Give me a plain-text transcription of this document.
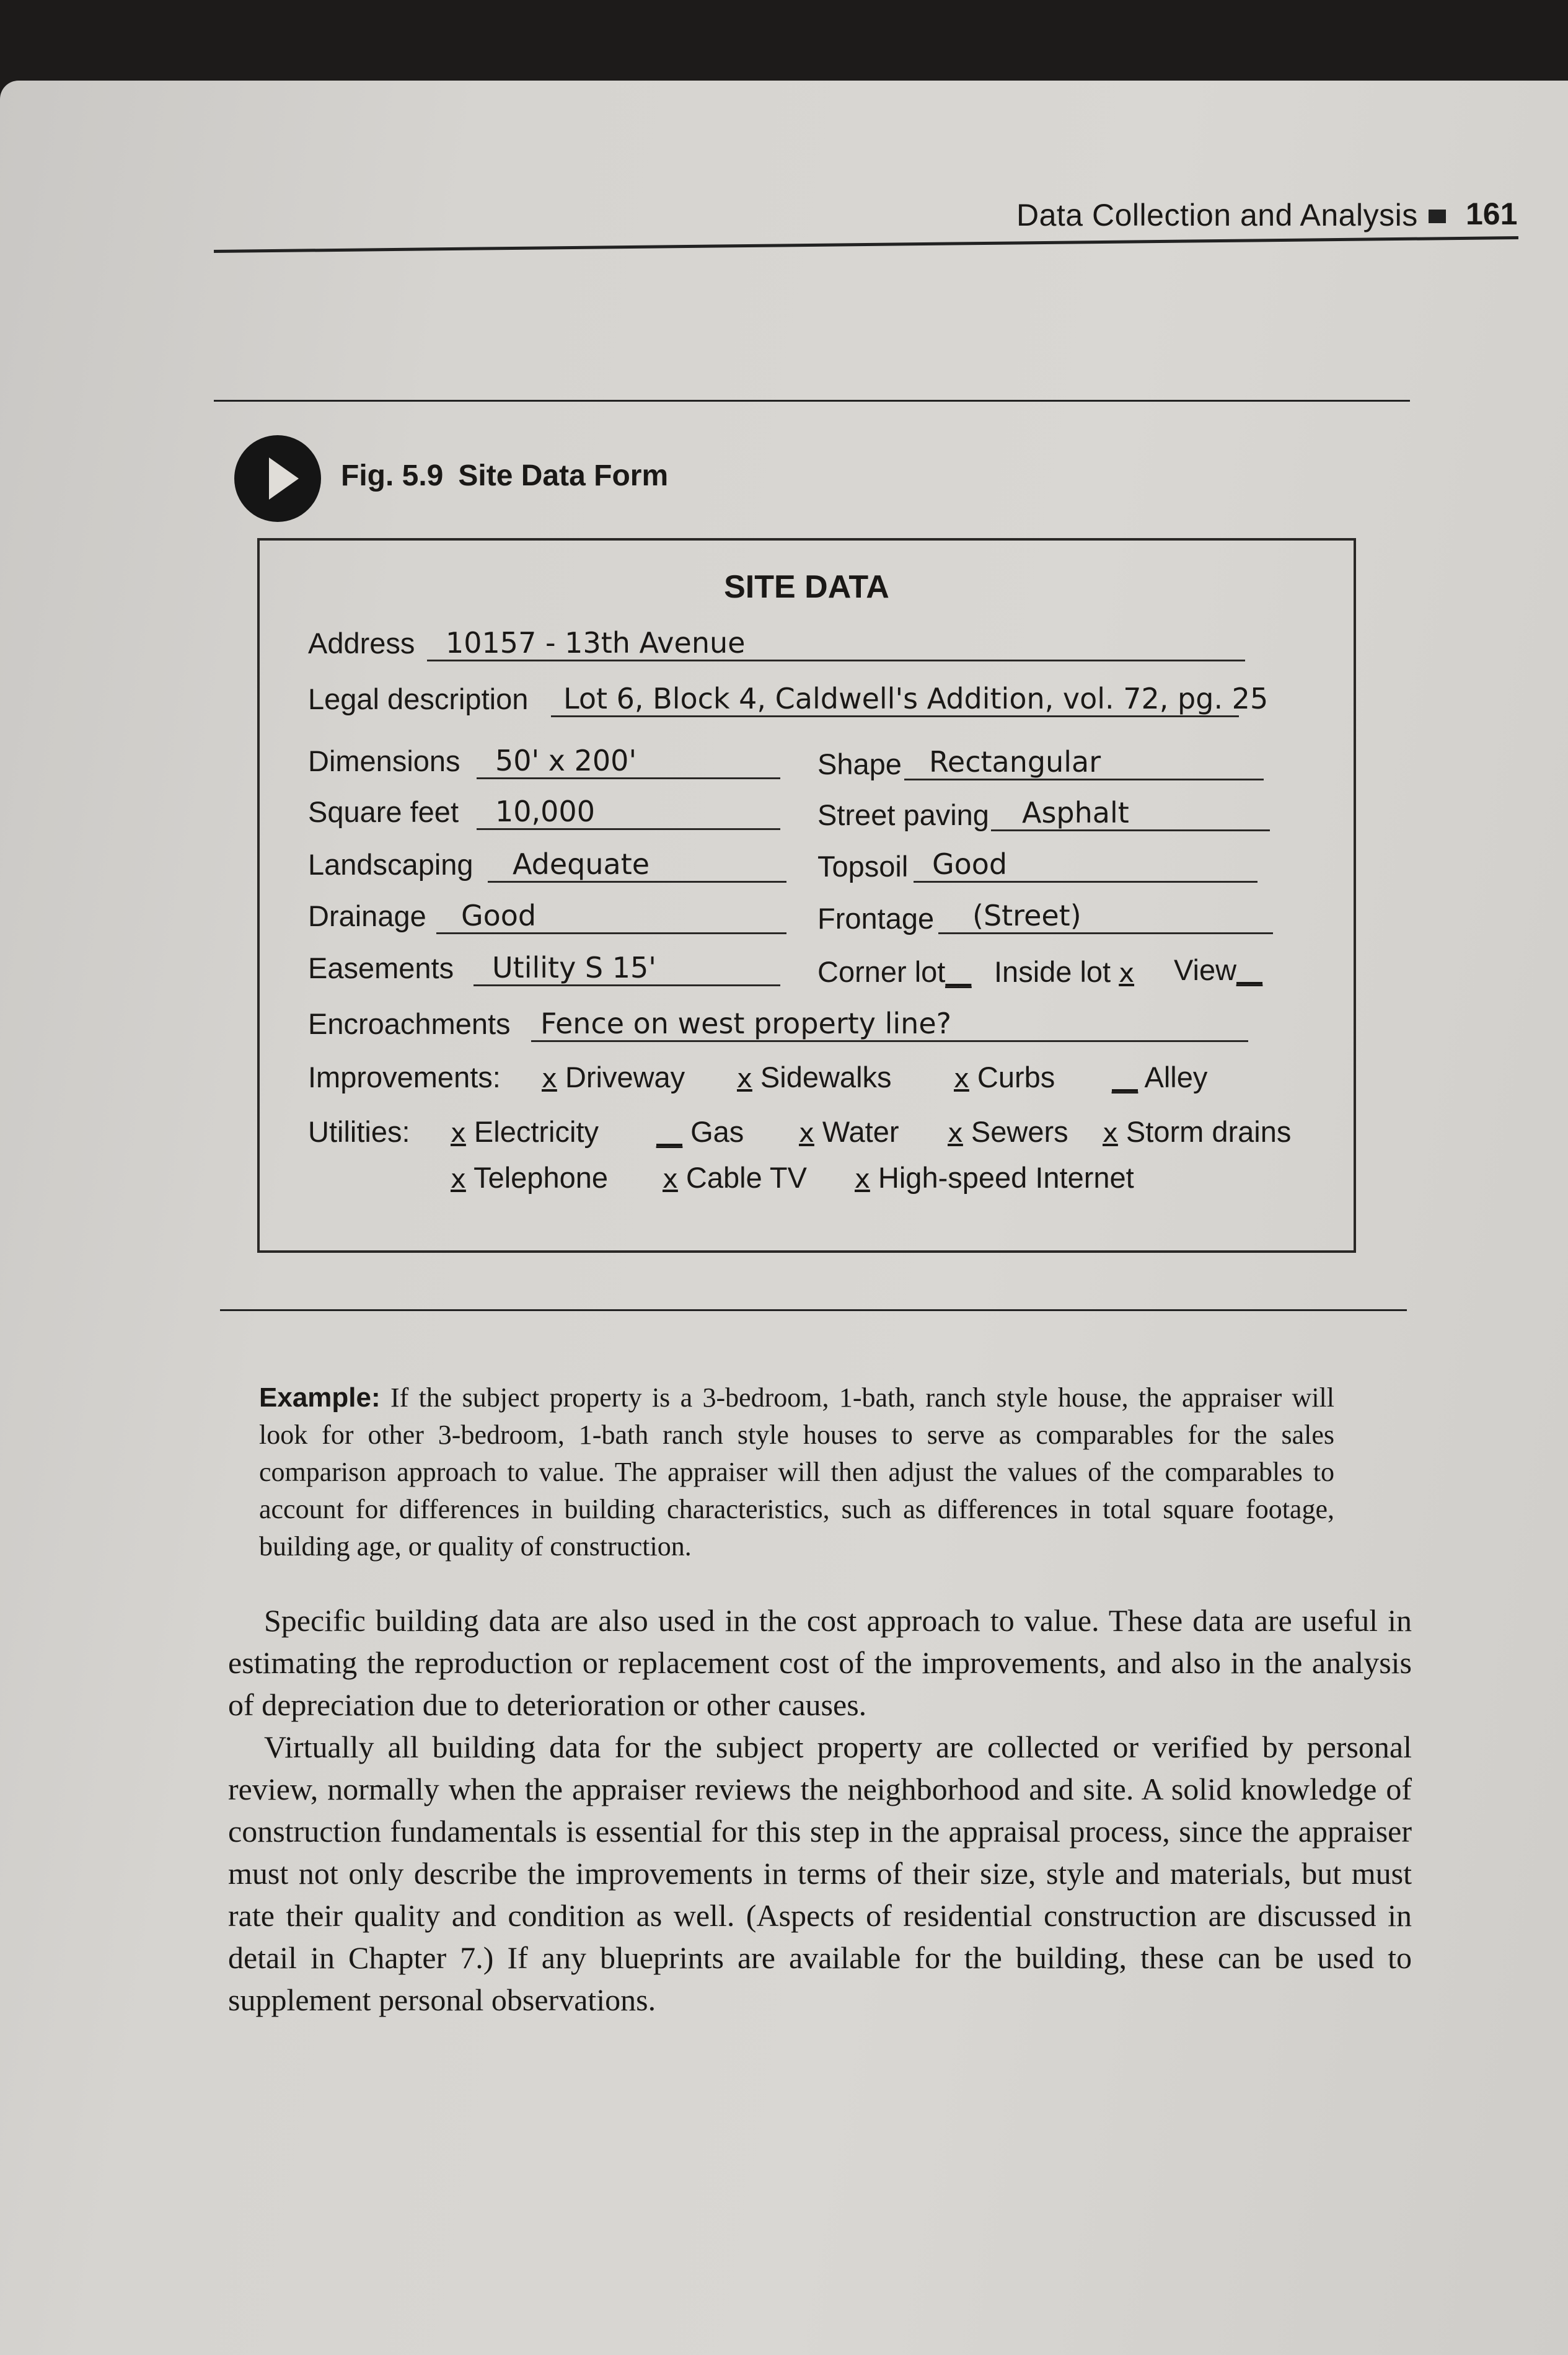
Data Collection and Analysis 161
Fig. 5.9 Site Data Form
SITE DATA
Address	10157 - 13th Avenue
Legal description	Lot 6, Block 4, Caldwell's Addition, vol. 72, pg. 25
Dimensions	50' x 200'	Shape Rectangular
Square feet	10,000	Street paving	Asphalt
Landscaping	Adequate	Topsoil Good
Drainage	Good	Frontage	(Street)
Easements	Utility S 15'	Corner lot__ Inside lot x View__
Encroachments	Fence on west property line?
Improvements: x Driveway x Sidewalks x Curbs __ Alley
Utilities: x Electricity __ Gas x Water x Sewers x Storm drains
x Telephone x Cable TV x High-speed Internet
Example: If the subject property is a 3-bedroom, 1-bath, ranch style house, the appraiser will look for other 3-bedroom, 1-bath ranch style houses to serve as comparables for the sales comparison approach to value. The appraiser will then adjust the values of the comparables to account for differences in building characteristics, such as differences in total square footage, building age, or quality of construction.

Specific building data are also used in the cost approach to value. These data are useful in estimating the reproduction or replacement cost of the improvements, and also in the analysis of depreciation due to deterioration or other causes.

Virtually all building data for the subject property are collected or verified by personal review, normally when the appraiser reviews the neighborhood and site. A solid knowledge of construction fundamentals is essential for this step in the appraisal process, since the appraiser must not only describe the improvements in terms of their size, style and materials, but must rate their quality and condition as well. (Aspects of residential construction are discussed in detail in Chapter 7.) If any blueprints are available for the building, these can be used to supplement personal observations.
